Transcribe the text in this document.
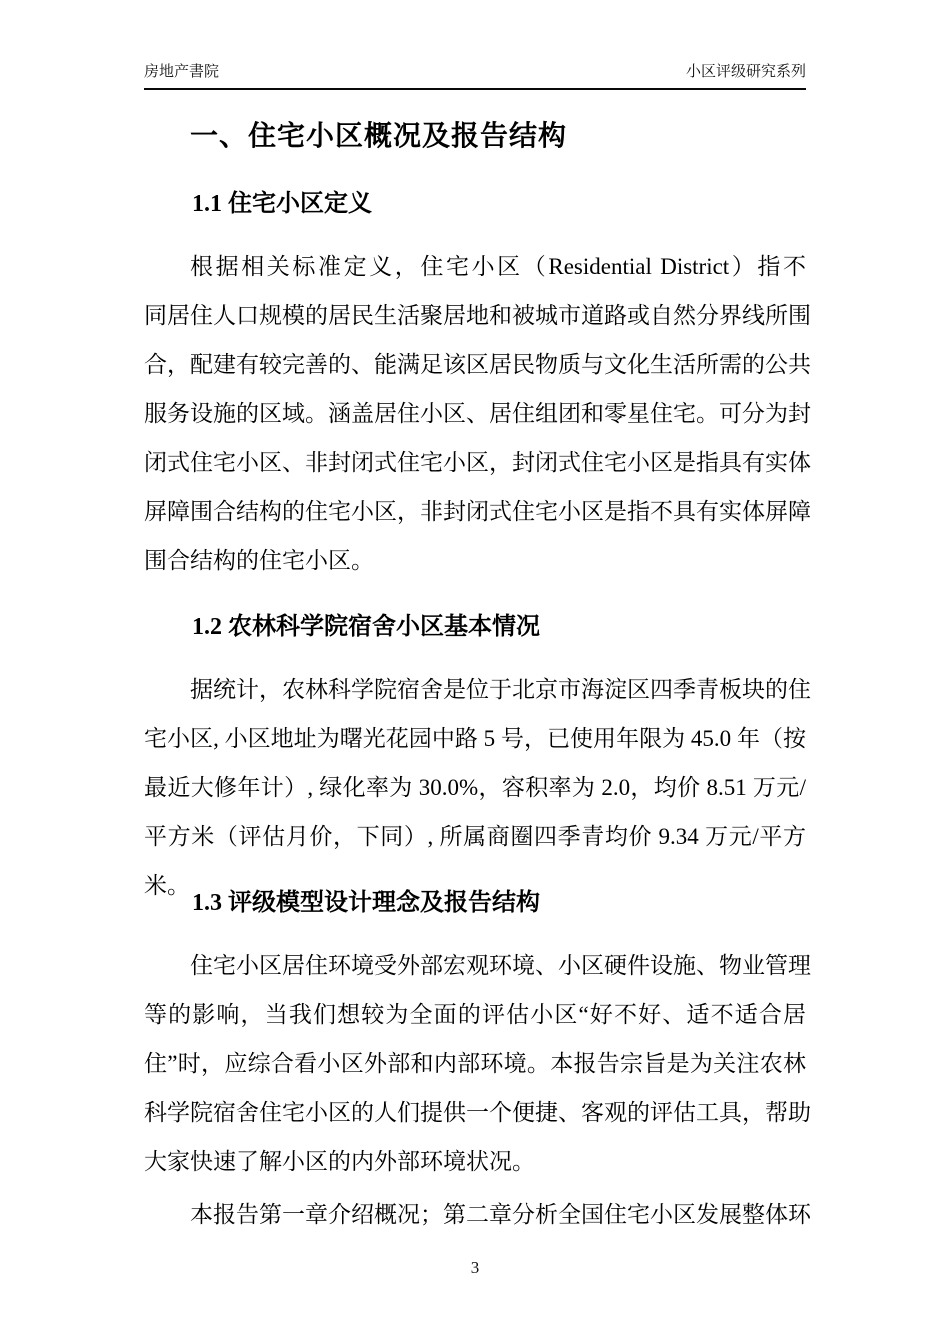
房地产書院	小区评级研究系列
一、住宅小区概况及报告结构
1.1 住宅小区定义
根据相关标准定义，住宅小区（Residential District）指不
同居住人口规模的居民生活聚居地和被城市道路或自然分界线所围
合，配建有较完善的、能满足该区居民物质与文化生活所需的公共
服务设施的区域。涵盖居住小区、居住组团和零星住宅。可分为封
闭式住宅小区、非封闭式住宅小区，封闭式住宅小区是指具有实体
屏障围合结构的住宅小区，非封闭式住宅小区是指不具有实体屏障
围合结构的住宅小区。
1.2 农林科学院宿舍小区基本情况
据统计，农林科学院宿舍是位于北京市海淀区四季青板块的住
宅小区, 小区地址为曙光花园中路 5 号，已使用年限为 45.0 年（按
最近大修年计）, 绿化率为 30.0%，容积率为 2.0，均价 8.51 万元/
平方米（评估月价，下同）, 所属商圈四季青均价 9.34 万元/平方米。
1.3 评级模型设计理念及报告结构
住宅小区居住环境受外部宏观环境、小区硬件设施、物业管理
等的影响，当我们想较为全面的评估小区“好不好、适不适合居
住”时，应综合看小区外部和内部环境。本报告宗旨是为关注农林
科学院宿舍住宅小区的人们提供一个便捷、客观的评估工具，帮助
大家快速了解小区的内外部环境状况。
本报告第一章介绍概况；第二章分析全国住宅小区发展整体环
3
